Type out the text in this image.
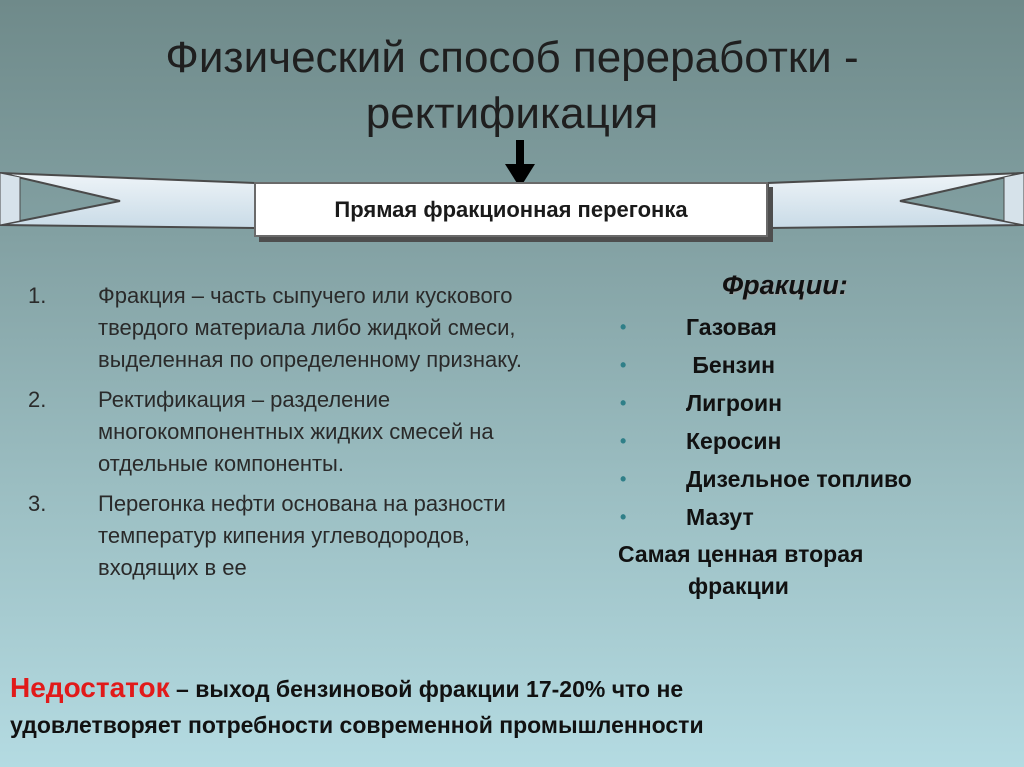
Физический способ переработки -
ректификация
Прямая фракционная перегонка
1.	Фракция – часть сыпучего или кускового твердого материала либо жидкой смеси, выделенная по определенному признаку.
2.	Ректификация – разделение многокомпонентных жидких смесей на отдельные компоненты.
3.	Перегонка нефти основана на разности температур кипения углеводородов, входящих в ее
Фракции:
•	Газовая
•	Бензин
•	Лигроин
•	Керосин
•	Дизельное топливо
•	Мазут
Самая ценная вторая
фракции
Недостаток – выход бензиновой фракции 17-20% что не
удовлетворяет потребности современной промышленности
